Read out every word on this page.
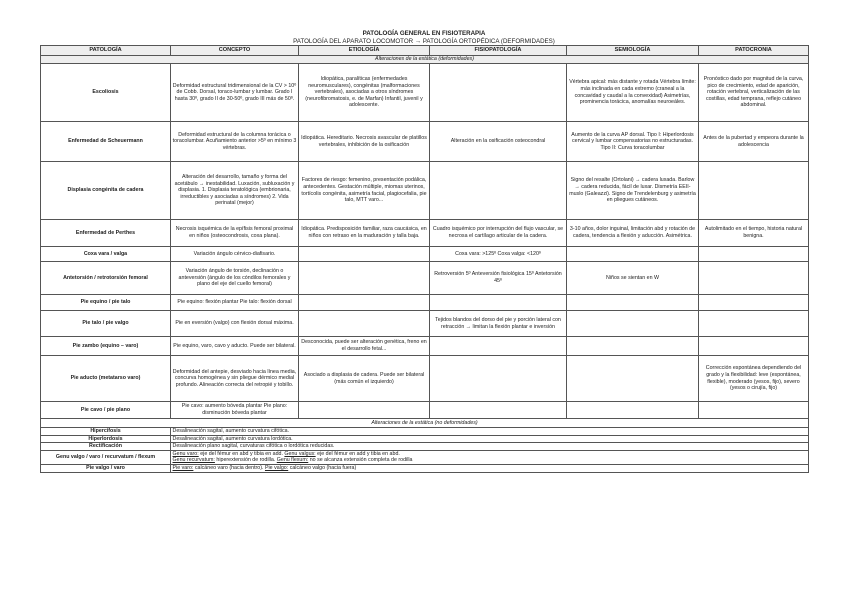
PATOLOGÍA GENERAL EN FISIOTERAPIA
PATOLOGÍA DEL APARATO LOCOMOTOR → PATOLOGÍA ORTOPÉDICA (DEFORMIDADES)
PATOLOGÍA	CONCEPTO	ETIOLOGÍA	FISIOPATOLOGÍA	SEMIOLOGÍA	PATOCRONIA
Alteraciones de la estática (deformidades)					
Escoliosis	Deformidad estructural tridimensional de la CV > 10º de Cobb. Dorsal, toraco-lumbar y lumbar. Grado I hasta 30º, grado II de 30-50º, grado III más de 50º.	Idiopática, paralíticas (enfermedades neuromusculares), congénitas (malformaciones vertebrales), asociadas a otros síndromes (neurofibromatosis, e. de Marfan) Infantil, juvenil y adolescente.		Vértebra apical: más distante y rotada Vértebra límite: más inclinada en cada extremo (craneal a la concavidad y caudal a la convexidad) Asimetrías, prominencia torácica, anomalías neuroeáles.	Pronóstico dado por magnitud de la curva, pico de crecimiento, edad de aparición, rotación vertebral, verticalización de las costillas, edad temprana, reflejo cutáneo abdominal.
Enfermedad de Scheuermann	Deformidad estructural de la columna torácica o toracolumbar. Acuñamiento anterior >5º en mínimo 3 vértebras.	Idiopática. Hereditario. Necrosis avascular de platillos vertebrales, inhibición de la osificación	Alteración en la osificación osteocondral	Aumento de la curva AP dorsal. Tipo I: Hiperlordosis cervical y lumbar compensatorias no estructuradas. Tipo II: Curva toracolumbar	Antes de la pubertad y empeora durante la adolescencia
Displasia congénita de cadera	Alteración del desarrollo, tamaño y forma del acetábulo → inestabilidad. Luxación, subluxación y displasia. 1. Displasia teratológica (embrionaria, irreductibles y asociadas a síndromes) 2. Vida perinatal (mejor)	Factores de riesgo: femenino, presentación podálica, antecedentes. Gestación múltiple, miomas uterinos, tortícolis congénita, asimetría facial, plagiocefalia, pie talo, MTT varo...		Signo del resalte (Ortolani) → cadera luxada. Barlow → cadera reducida, fácil de luxar. Dismetría EEII-muslo (Galeazzi). Signo de Trendelenburg y asimetría en pliegues cutáneos.	
Enfermedad de Perthes	Necrosis isquémica de la epífisis femoral proximal en niños (osteocondrosis, coxa plana).	Idiopática. Predisposición familiar, raza caucásica, en niños con retraso en la maduración y talla baja.	Cuadro isquémico por interrupción del flujo vascular, se necrosa el cartílago articular de la cadera.	3-10 años, dolor inguinal, limitación abd y rotación de cadera, tendencia a flexión y aducción. Asimétrica.	Autolimitado en el tiempo, historia natural benigna.
Coxa vara / valga	Variación ángulo cérvico-diafisario.		Coxa vara: >125º Coxa valga: <120º		
Antetorsión / retrotorsión femoral	Variación ángulo de torsión, declinación o anteversión (ángulo de los cóndilos femorales y plano del eje del cuello femoral)		Retroversión 5º Anteversión fisiológica 15º Antetorsión 45º	Niños se sientan en W	
Pie equino / pie talo	Pie equino: flexión plantar Pie talo: flexión dorsal				
Pie talo / pie valgo	Pie en eversión (valgo) con flexión dorsal máxima.		Tejidos blandos del dorso del pie y porción lateral con retracción → limitan la flexión plantar e inversión		
Pie zambo (equino – varo)	Pie equino, varo, cavo y aducto. Puede ser bilateral.	Desconocida, puede ser alteración genética, freno en el desarrollo fetal...			
Pie aducto (metatarso varo)	Deformidad del antepie, desviado hacia línea media, concurva homogénea y sin pliegue dérmico medial profundo. Alineación correcta del retropié y tobillo.	Asociado a displasia de cadera. Puede ser bilateral (más común el izquierdo)			Corrección espontánea dependiendo del grado y la flexibilidad: leve (espontánea, flexible), moderado (yesos, fijo), severo (yesos o cirujía, fijo)
Pie cavo / pie plano	Pie cavo: aumento bóveda plantar Pie plano: disminución bóveda plantar				
Alteraciones de la estática (no deformidades)					
Hipercifosis	Desalineación sagital, aumento curvatura cifótica.				
Hiperlordosis	Desalineación sagital, aumento curvatura lordótica.				
Rectificación	Desalineación plano sagital, curvaturas cifótica o lordótica reducidas.				
Genu valgo / varo / recurvatum / flexum	Genu varo: eje del fémur en abd y tibia en add. Genu valgus: eje del fémur en add y tibia en abd.
Genu recurvatum: hiperextensión de rodilla. Genu flexum: no se alcanza extensión completa de rodilla				

Pie valgo / varo	Pie varo: calcáneo varo (hacia dentro). Pie valgo: calcáneo valgo (hacia fuera)				
